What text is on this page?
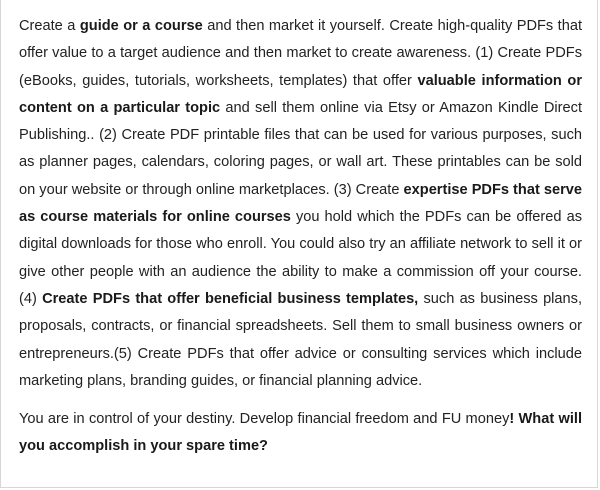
Create a guide or a course and then market it yourself. Create high-quality PDFs that offer value to a target audience and then market to create awareness. (1) Create PDFs (eBooks, guides, tutorials, worksheets, templates) that offer valuable information or content on a particular topic and sell them online via Etsy or Amazon Kindle Direct Publishing.. (2) Create PDF printable files that can be used for various purposes, such as planner pages, calendars, coloring pages, or wall art. These printables can be sold on your website or through online marketplaces. (3) Create expertise PDFs that serve as course materials for online courses you hold which the PDFs can be offered as digital downloads for those who enroll. You could also try an affiliate network to sell it or give other people with an audience the ability to make a commission off your course. (4) Create PDFs that offer beneficial business templates, such as business plans, proposals, contracts, or financial spreadsheets. Sell them to small business owners or entrepreneurs.(5) Create PDFs that offer advice or consulting services which include marketing plans, branding guides, or financial planning advice.

You are in control of your destiny. Develop financial freedom and FU money! What will you accomplish in your spare time?
